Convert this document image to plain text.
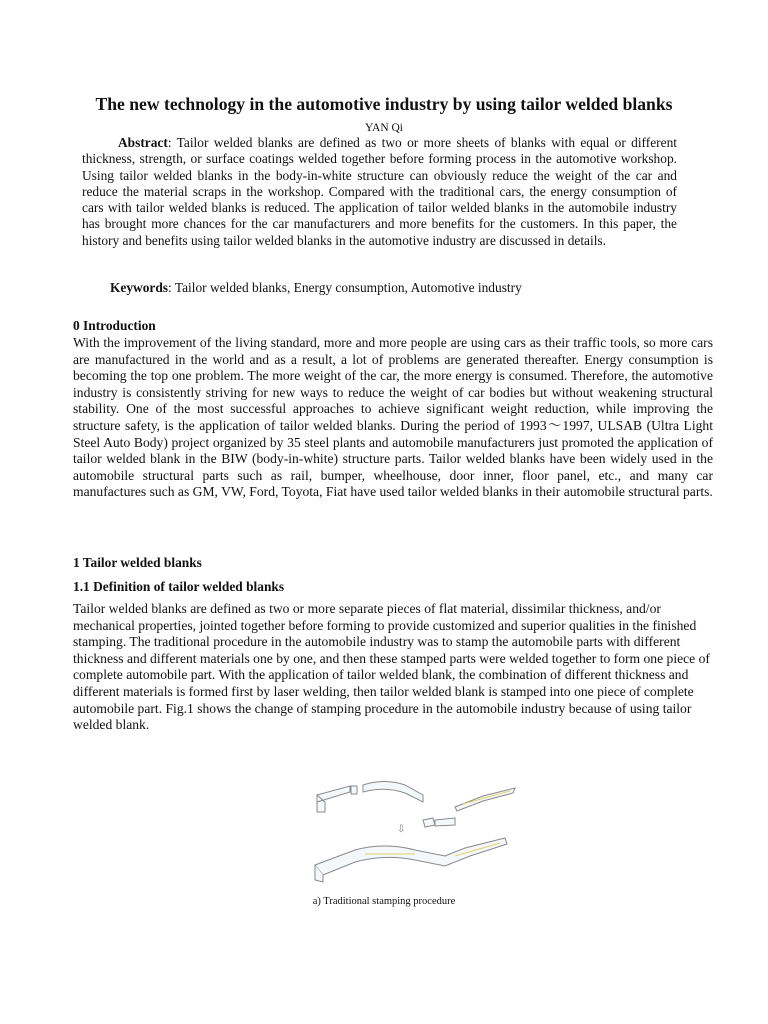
The new technology in the automotive industry by using tailor welded blanks
YAN Qi

Abstract: Tailor welded blanks are defined as two or more sheets of blanks with equal or different thickness, strength, or surface coatings welded together before forming process in the automotive workshop. Using tailor welded blanks in the body-in-white structure can obviously reduce the weight of the car and reduce the material scraps in the workshop. Compared with the traditional cars, the energy consumption of cars with tailor welded blanks is reduced. The application of tailor welded blanks in the automobile industry has brought more chances for the car manufacturers and more benefits for the customers. In this paper, the history and benefits using tailor welded blanks in the automotive industry are discussed in details.

Keywords: Tailor welded blanks, Energy consumption, Automotive industry

0 Introduction

With the improvement of the living standard, more and more people are using cars as their traffic tools, so more cars are manufactured in the world and as a result, a lot of problems are generated thereafter. Energy consumption is becoming the top one problem. The more weight of the car, the more energy is consumed. Therefore, the automotive industry is consistently striving for new ways to reduce the weight of car bodies but without weakening structural stability. One of the most successful approaches to achieve significant weight reduction, while improving the structure safety, is the application of tailor welded blanks. During the period of 1993～1997, ULSAB (Ultra Light Steel Auto Body) project organized by 35 steel plants and automobile manufacturers just promoted the application of tailor welded blank in the BIW (body-in-white) structure parts. Tailor welded blanks have been widely used in the automobile structural parts such as rail, bumper, wheelhouse, door inner, floor panel, etc., and many car manufactures such as GM, VW, Ford, Toyota, Fiat have used tailor welded blanks in their automobile structural parts.

1 Tailor welded blanks
1.1 Definition of tailor welded blanks

Tailor welded blanks are defined as two or more separate pieces of flat material, dissimilar thickness, and/or mechanical properties, jointed together before forming to provide customized and superior qualities in the finished stamping. The traditional procedure in the automobile industry was to stamp the automobile parts with different thickness and different materials one by one, and then these stamped parts were welded together to form one piece of complete automobile part. With the application of tailor welded blank, the combination of different thickness and different materials is formed first by laser welding, then tailor welded blank is stamped into one piece of complete automobile part. Fig.1 shows the change of stamping procedure in the automobile industry because of using tailor welded blank.

⇩
a) Traditional stamping procedure
